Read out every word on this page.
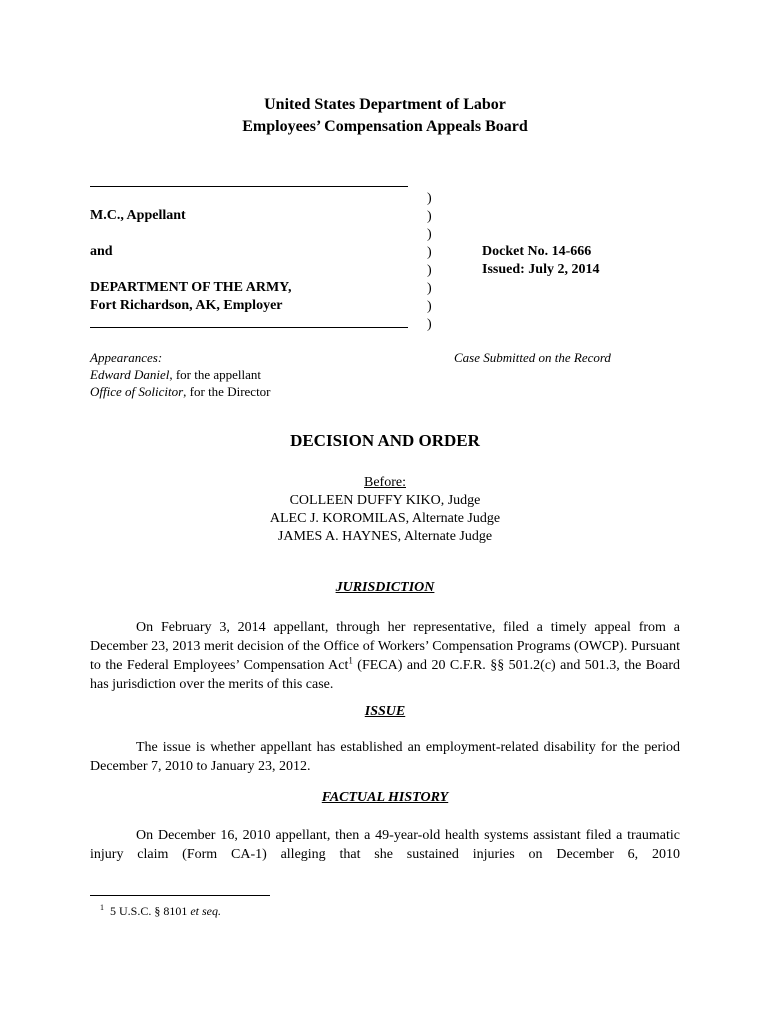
United States Department of Labor
Employees’ Compensation Appeals Board
M.C., Appellant
and
DEPARTMENT OF THE ARMY,
Fort Richardson, AK, Employer
)
)
)
)
)
)
)
)
Docket No. 14-666
Issued: July 2, 2014
Appearances:
Edward Daniel, for the appellant
Office of Solicitor, for the Director
Case Submitted on the Record
DECISION AND ORDER
Before:
COLLEEN DUFFY KIKO, Judge
ALEC J. KOROMILAS, Alternate Judge
JAMES A. HAYNES, Alternate Judge
JURISDICTION
On February 3, 2014 appellant, through her representative, filed a timely appeal from a December 23, 2013 merit decision of the Office of Workers’ Compensation Programs (OWCP). Pursuant to the Federal Employees’ Compensation Act$^1$ (FECA) and 20 C.F.R. §§ 501.2(c) and 501.3, the Board has jurisdiction over the merits of this case.
ISSUE
The issue is whether appellant has established an employment-related disability for the period December 7, 2010 to January 23, 2012.
FACTUAL HISTORY
On December 16, 2010 appellant, then a 49-year-old health systems assistant filed a traumatic injury claim (Form CA-1) alleging that she sustained injuries on December 6, 2010
$^1$ 5 U.S.C. § 8101 et seq.
